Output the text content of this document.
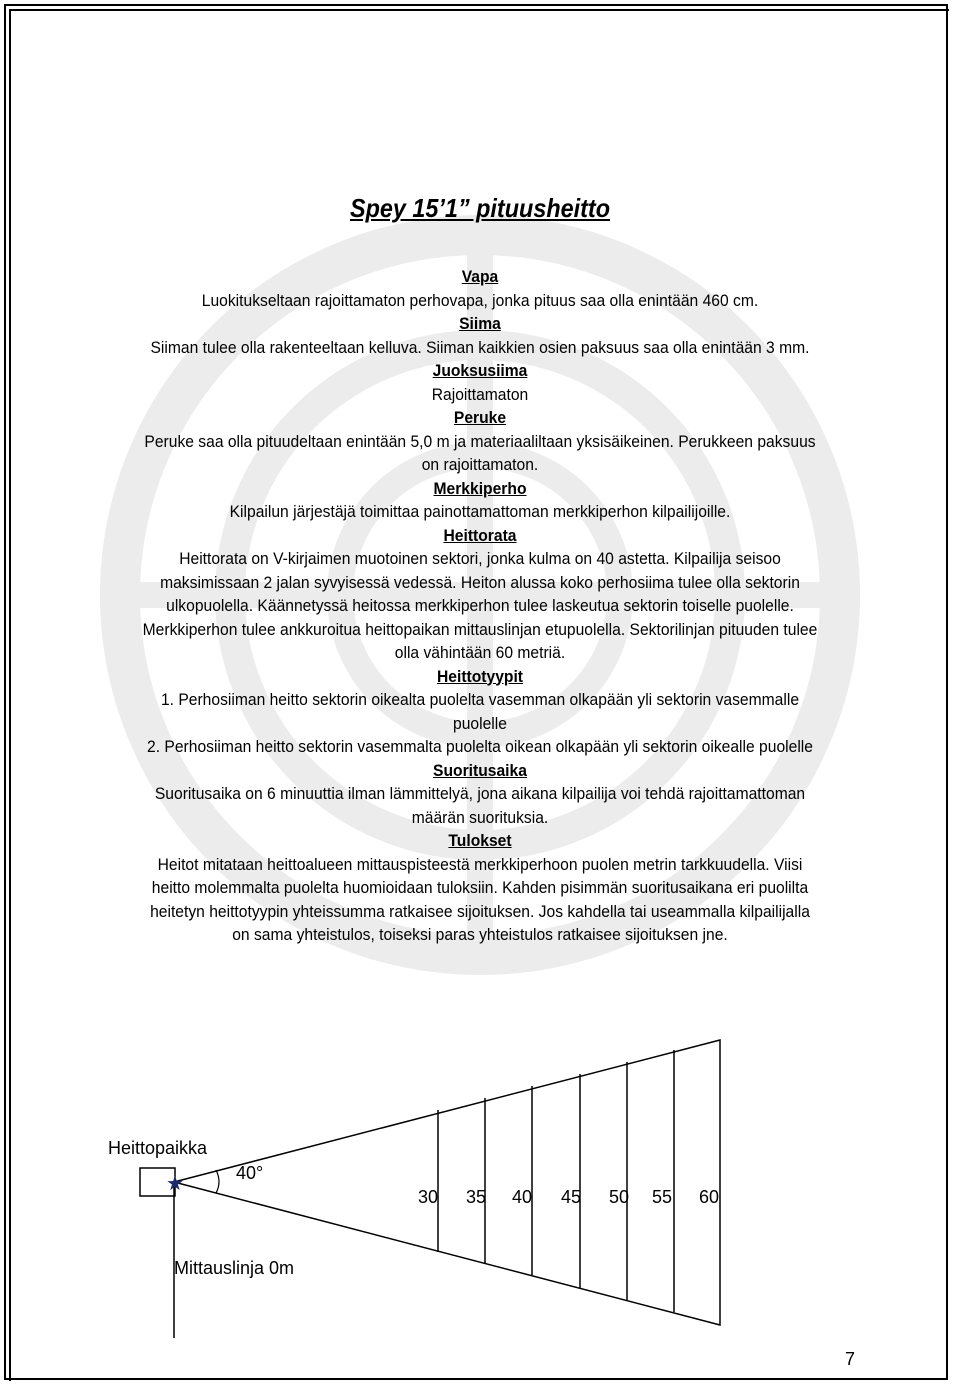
Spey 15’1” pituusheitto
Vapa
Luokitukseltaan rajoittamaton perhovapa, jonka pituus saa olla enintään 460 cm.
Siima
Siiman tulee olla rakenteeltaan kelluva. Siiman kaikkien osien paksuus saa olla enintään 3 mm.
Juoksusiima
Rajoittamaton
Peruke
Peruke saa olla pituudeltaan enintään 5,0 m ja materiaaliltaan yksisäikeinen. Perukkeen paksuus
on rajoittamaton.
Merkkiperho
Kilpailun järjestäjä toimittaa painottamattoman merkkiperhon kilpailijoille.
Heittorata
Heittorata on V-kirjaimen muotoinen sektori, jonka kulma on 40 astetta. Kilpailija seisoo
maksimissaan 2 jalan syvyisessä vedessä. Heiton alussa koko perhosiima tulee olla sektorin
ulkopuolella. Käännetyssä heitossa merkkiperhon tulee laskeutua sektorin toiselle puolelle.
Merkkiperhon tulee ankkuroitua heittopaikan mittauslinjan etupuolella. Sektorilinjan pituuden tulee
olla vähintään 60 metriä.
Heittotyypit
1. Perhosiiman heitto sektorin oikealta puolelta vasemman olkapään yli sektorin vasemmalle
puolelle
2. Perhosiiman heitto sektorin vasemmalta puolelta oikean olkapään yli sektorin oikealle puolelle
Suoritusaika
Suoritusaika on 6 minuuttia ilman lämmittelyä, jona aikana kilpailija voi tehdä rajoittamattoman
määrän suorituksia.
Tulokset
Heitot mitataan heittoalueen mittauspisteestä merkkiperhoon puolen metrin tarkkuudella. Viisi
heitto molemmalta puolelta huomioidaan tuloksiin. Kahden pisimmän suoritusaikana eri puolilta
heitetyn heittotyypin yhteissumma ratkaisee sijoituksen. Jos kahdella tai useammalla kilpailijalla
on sama yhteistulos, toiseksi paras yhteistulos ratkaisee sijoituksen jne.
★
Heittopaikka
40°
Mittauslinja 0m
30 35 40 45 50 55 60
7
